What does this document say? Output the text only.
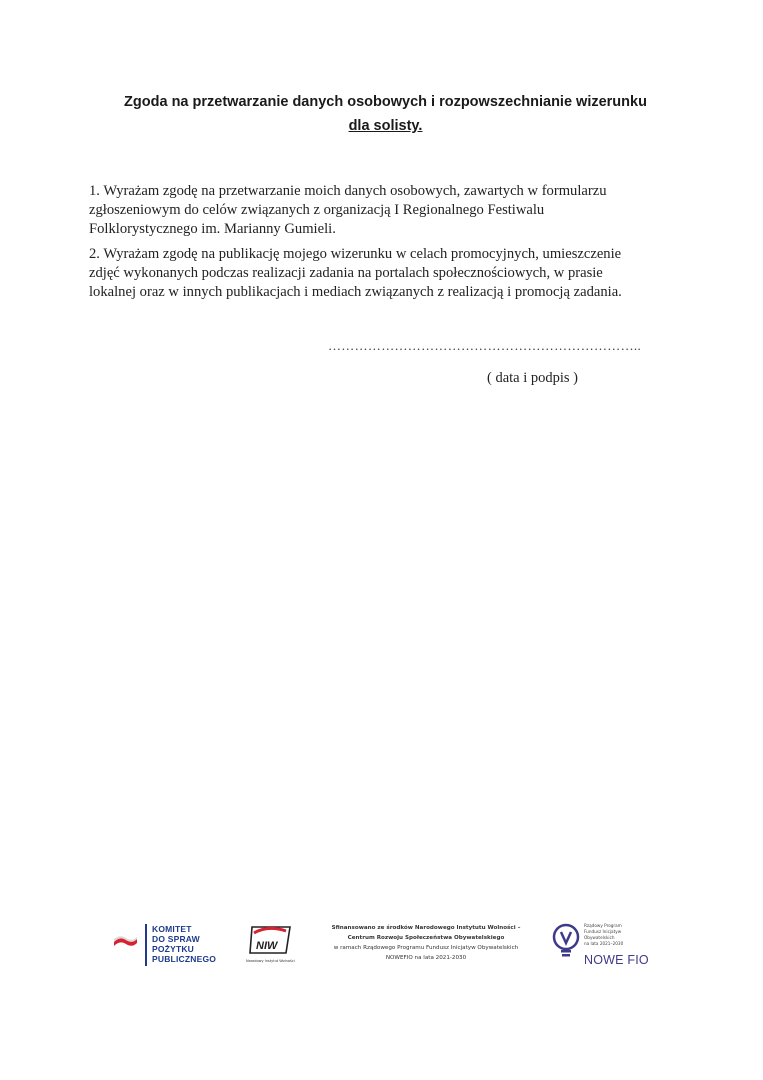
Zgoda na przetwarzanie danych osobowych i rozpowszechnianie wizerunku
dla solisty.

1. Wyrażam zgodę na przetwarzanie moich danych osobowych, zawartych w formularzu

zgłoszeniowym do celów związanych z organizacją I Regionalnego Festiwalu

Folklorystycznego im. Marianny Gumieli.

2. Wyrażam zgodę na publikację mojego wizerunku w celach promocyjnych, umieszczenie

zdjęć wykonanych podczas realizacji zadania na portalach społecznościowych, w prasie

lokalnej oraz w innych publikacjach i mediach związanych z realizacją i promocją zadania.

……………………………………………………………..
( data i podpis )
KOMITET
DO SPRAW
POŻYTKU
PUBLICZNEGO
NIW
Narodowy Instytut Wolności
Sfinansowano ze środków Narodowego Instytutu Wolności –
Centrum Rozwoju Społeczeństwa Obywatelskiego
w ramach Rządowego Programu Fundusz Inicjatyw Obywatelskich
NOWEFIO na lata 2021-2030
Rządowy Program
Fundusz Inicjatyw
Obywatelskich
na lata 2021–2030
NOWE FIO
